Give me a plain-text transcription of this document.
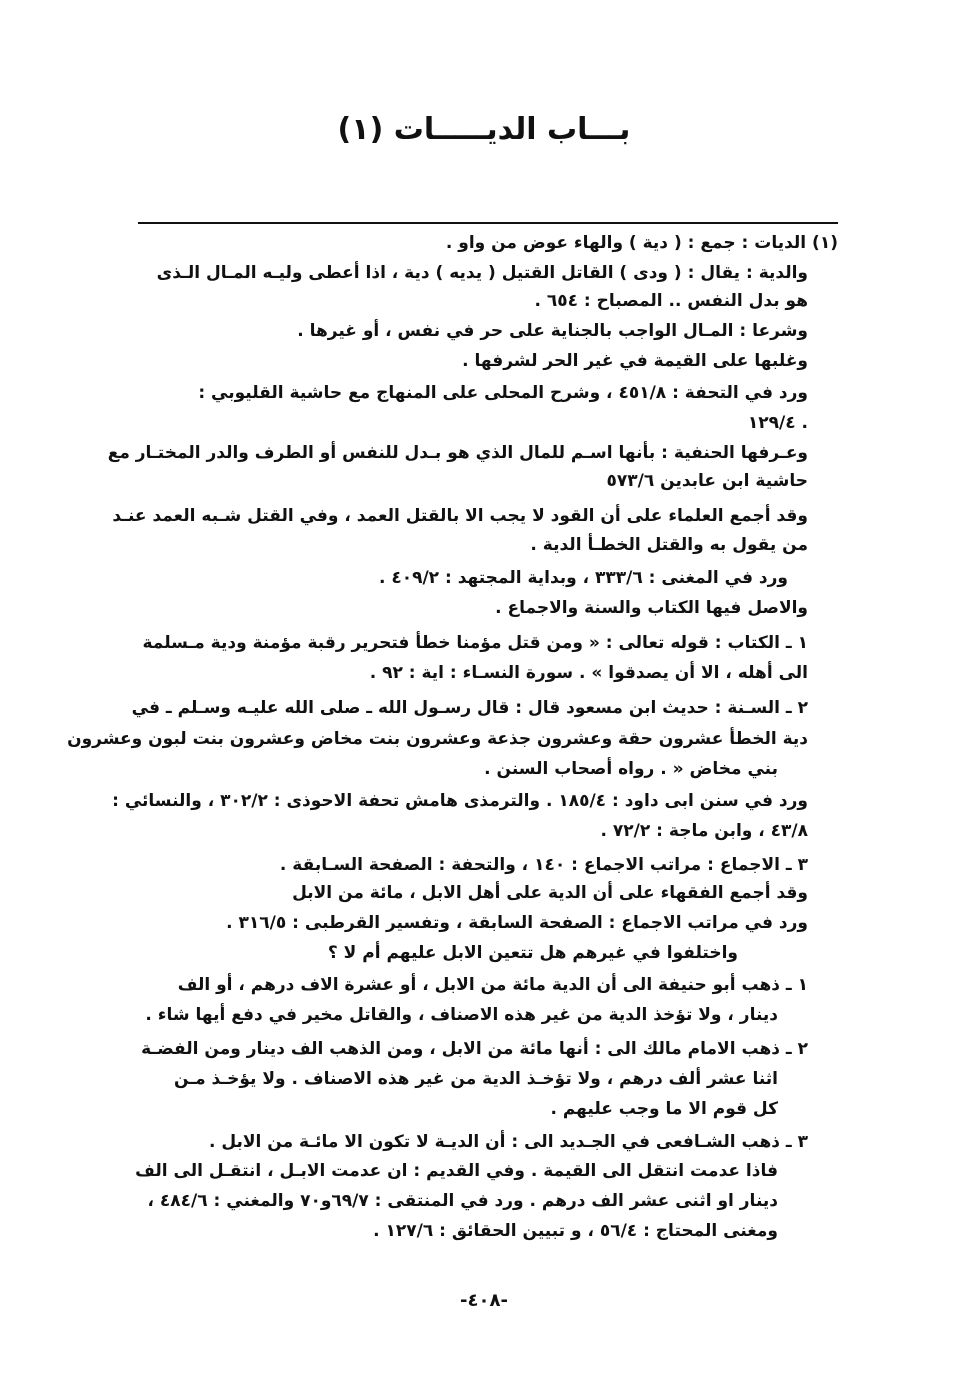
بـــاب الديـــــات (١)
(١) الديات : جمع : ( دية ) والهاء عوض من واو .
والدية : يقال : ( ودى ) القاتل القتيل ( يديه ) دية ، اذا أعطى وليـه المـال الـذى
هو بدل النفس .. المصباح : ٦٥٤ .
وشرعا : المـال الواجب بالجناية على حر في نفس ، أو غيرها .
وغلبها على القيمة في غير الحر لشرفها .
ورد في التحفة : ٤٥١/٨ ، وشرح المحلى على المنهاج مع حاشية القليوبي :
. ١٢٩/٤
وعـرفها الحنفية : بأنها اسـم للمال الذي هو بـدل للنفس أو الطرف والدر المختـار مع
حاشية ابن عابدين ٥٧٣/٦
وقد أجمع العلماء على أن القود لا يجب الا بالقتل العمد ، وفي القتل شـبه العمد عنـد
من يقول به والقتل الخطـأ الدية .
ورد في المغنى : ٣٣٣/٦ ، وبداية المجتهد : ٤٠٩/٢ .
والاصل فيها الكتاب والسنة والاجماع .
١ ـ الكتاب : قوله تعالى : « ومن قتل مؤمنا خطأ فتحرير رقبة مؤمنة ودية مـسلمة
الى أهله ، الا أن يصدقوا » . سورة النسـاء : اية : ٩٢ .
٢ ـ السـنة : حديث ابن مسعود قال : قال رسـول الله ـ صلى الله عليـه وسـلم ـ في
دية الخطأ عشرون حقة وعشرون جذعة وعشرون بنت مخاض وعشرون بنت لبون وعشرون
بني مخاض « . رواه أصحاب السنن .
ورد في سنن ابى داود : ١٨٥/٤ . والترمذى هامش تحفة الاحوذى : ٣٠٢/٢ ، والنسائي :
٤٣/٨ ، وابن ماجة : ٧٢/٢ .
٣ ـ الاجماع : مراتب الاجماع : ١٤٠ ، والتحفة : الصفحة السـابقة .
وقد أجمع الفقهاء على أن الدية على أهل الابل ، مائة من الابل
ورد في مراتب الاجماع : الصفحة السابقة ، وتفسير القرطبى : ٣١٦/٥ .
واختلفوا في غيرهم هل تتعين الابل عليهم أم لا ؟
١ ـ ذهب أبو حنيفة الى أن الدية مائة من الابل ، أو عشرة الاف درهم ، أو الف
دينار ، ولا تؤخذ الدية من غير هذه الاصناف ، والقاتل مخير في دفع أيها شاء .
٢ ـ ذهب الامام مالك الى : أنها مائة من الابل ، ومن الذهب الف دينار ومن الفضـة
اثنا عشر ألف درهم ، ولا تؤخـذ الدية من غير هذه الاصناف . ولا يؤخـذ مـن
كل قوم الا ما وجب عليهم .
٣ ـ ذهب الشـافعى في الجـديد الى : أن الديـة لا تكون الا مائـة من الابل .
فاذا عدمت انتقل الى القيمة . وفي القديم : ان عدمت الابـل ، انتقـل الى الف
دينار او اثنى عشر الف درهم . ورد في المنتقى : ٦٩/٧و٧٠ والمغني : ٤٨٤/٦ ،
ومغنى المحتاج : ٥٦/٤ ، و تبيين الحقائق : ١٢٧/٦ .
-٤٠٨-
